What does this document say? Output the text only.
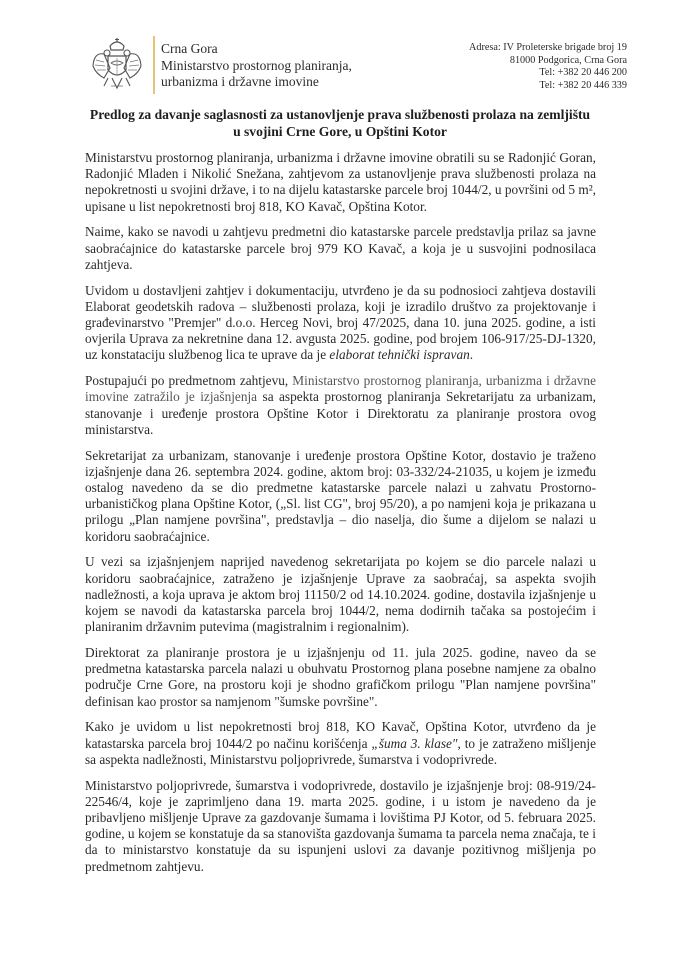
Crna Gora
Ministarstvo prostornog planiranja,
urbanizma i državne imovine
Adresa: IV Proleterske brigade broj 19
81000 Podgorica, Crna Gora
Tel: +382 20 446 200
Tel: +382 20 446 339
Predlog za davanje saglasnosti za ustanovljenje prava službenosti prolaza na zemljištu u svojini Crne Gore, u Opštini Kotor

Ministarstvu prostornog planiranja, urbanizma i državne imovine obratili su se Radonjić Goran, Radonjić Mladen i Nikolić Snežana, zahtjevom za ustanovljenje prava službenosti prolaza na nepokretnosti u svojini države, i to na dijelu katastarske parcele broj 1044/2, u površini od 5 m², upisane u list nepokretnosti broj 818, KO Kavač, Opština Kotor.

Naime, kako se navodi u zahtjevu predmetni dio katastarske parcele predstavlja prilaz sa javne saobraćajnice do katastarske parcele broj 979 KO Kavač, a koja je u susvojini podnosilaca zahtjeva.

Uvidom u dostavljeni zahtjev i dokumentaciju, utvrđeno je da su podnosioci zahtjeva dostavili Elaborat geodetskih radova – službenosti prolaza, koji je izradilo društvo za projektovanje i građevinarstvo "Premjer" d.o.o. Herceg Novi, broj 47/2025, dana 10. juna 2025. godine, a isti ovjerila Uprava za nekretnine dana 12. avgusta 2025. godine, pod brojem 106-917/25-DJ-1320, uz konstataciju službenog lica te uprave da je elaborat tehnički ispravan.

Postupajući po predmetnom zahtjevu, Ministarstvo prostornog planiranja, urbanizma i državne imovine zatražilo je izjašnjenja sa aspekta prostornog planiranja Sekretarijatu za urbanizam, stanovanje i uređenje prostora Opštine Kotor i Direktoratu za planiranje prostora ovog ministarstva.

Sekretarijat za urbanizam, stanovanje i uređenje prostora Opštine Kotor, dostavio je traženo izjašnjenje dana 26. septembra 2024. godine, aktom broj: 03-332/24-21035, u kojem je između ostalog navedeno da se dio predmetne katastarske parcele nalazi u zahvatu Prostorno-urbanističkog plana Opštine Kotor, („Sl. list CG", broj 95/20), a po namjeni koja je prikazana u prilogu „Plan namjene površina", predstavlja – dio naselja, dio šume a dijelom se nalazi u koridoru saobraćajnice.

U vezi sa izjašnjenjem naprijed navedenog sekretarijata po kojem se dio parcele nalazi u koridoru saobraćajnice, zatraženo je izjašnjenje Uprave za saobraćaj, sa aspekta svojih nadležnosti, a koja uprava je aktom broj 11150/2 od 14.10.2024. godine, dostavila izjašnjenje u kojem se navodi da katastarska parcela broj 1044/2, nema dodirnih tačaka sa postojećim i planiranim državnim putevima (magistralnim i regionalnim).

Direktorat za planiranje prostora je u izjašnjenju od 11. jula 2025. godine, naveo da se predmetna katastarska parcela nalazi u obuhvatu Prostornog plana posebne namjene za obalno područje Crne Gore, na prostoru koji je shodno grafičkom prilogu "Plan namjene površina" definisan kao prostor sa namjenom "šumske površine".

Kako je uvidom u list nepokretnosti broj 818, KO Kavač, Opština Kotor, utvrđeno da je katastarska parcela broj 1044/2 po načinu korišćenja „šuma 3. klase", to je zatraženo mišljenje sa aspekta nadležnosti, Ministarstvu poljoprivrede, šumarstva i vodoprivrede.

Ministarstvo poljoprivrede, šumarstva i vodoprivrede, dostavilo je izjašnjenje broj: 08-919/24-22546/4, koje je zaprimljeno dana 19. marta 2025. godine, i u istom je navedeno da je pribavljeno mišljenje Uprave za gazdovanje šumama i lovištima PJ Kotor, od 5. februara 2025. godine, u kojem se konstatuje da sa stanovišta gazdovanja šumama ta parcela nema značaja, te i da to ministarstvo konstatuje da su ispunjeni uslovi za davanje pozitivnog mišljenja po predmetnom zahtjevu.
